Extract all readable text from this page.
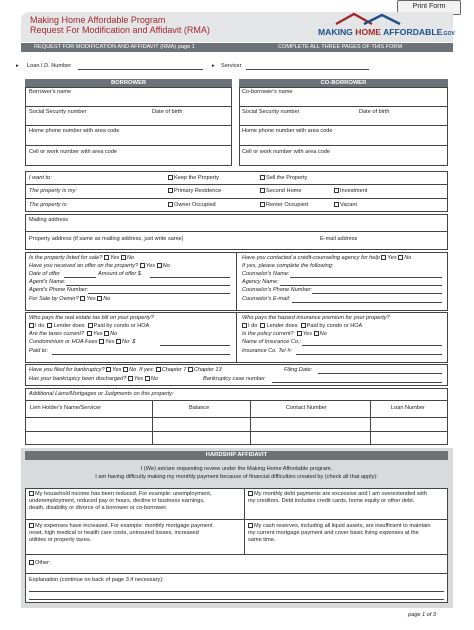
Print Form
Making Home Affordable Program
Request For Modification and Affidavit (RMA)	MAKING HOME AFFORDABLE.GOV
REQUEST FOR MODIFICATION AND AFFIDAVIT (RMA) page 1	COMPLETE ALL THREE PAGES OF THIS FORM
▸ Loan I.D. Number	▸ Servicer
BORROWER	CO-BORROWER
Borrower's name
Social Security number	Date of birth
Home phone number with area code
Cell or work number with area code
Co-borrower's name
Social Security number	Date of birth
Home phone number with area code
Cell or work number with area code
I want to:	Keep the Property	Sell the Property
The property is my:	Primary Residence	Second Home	Investment
The property is:	Owner Occupied	Renter Occupied	Vacant
Mailing address
Property address (if same as mailing address, just write same)	E-mail address
Is the property listed for sale? Yes No
Have you received an offer on the property? Yes No
Date of offer	Amount of offer $
Agent's Name:
Agent's Phone Number:
For Sale by Owner? Yes No
Have you contacted a credit-counseling agency for help Yes No
If yes, please complete the following:
Counselor's Name:
Agency Name:
Counselor's Phone Number:
Counselor's E-mail:
Who pays the real estate tax bill on your property?
I do Lender does Paid by condo or HOA
Are the taxes current? Yes No
Condominium or HOA Fees Yes No $
Paid to:
Who pays the hazard insurance premium for your property?
I do Lender does Paid by condo or HOA
Is the policy current? Yes No
Name of Insurance Co.:
Insurance Co. Tel #:
Have you filed for bankruptcy? Yes No If yes: Chapter 7 Chapter 13	Filing Date:
Has your bankruptcy been discharged? Yes No	Bankruptcy case number
Additional Liens/Mortgages or Judgments on this property:
Lien Holder's Name/Servicer	Balance	Contact Number	Loan Number
HARDSHIP AFFIDAVIT
I (We) am/are requesting review under the Making Home Affordable program.
I am having difficulty making my monthly payment because of financial difficulties created by (check all that apply):
My household income has been reduced. For example: unemployment,
underemployment, reduced pay or hours, decline in business earnings,
death, disability or divorce of a borrower or co-borrower.
My monthly debt payments are excessive and I am overextended with
my creditors. Debt includes credit cards, home equity or other debt.
My expenses have increased. For example: monthly mortgage payment
reset, high medical or health care costs, uninsured losses, increased
utilities or property taxes.
My cash reserves, including all liquid assets, are insufficient to maintain
my current mortgage payment and cover basic living expenses at the
same time.
Other:
Explanation (continue on back of page 3 if necessary):
page 1 of 3
